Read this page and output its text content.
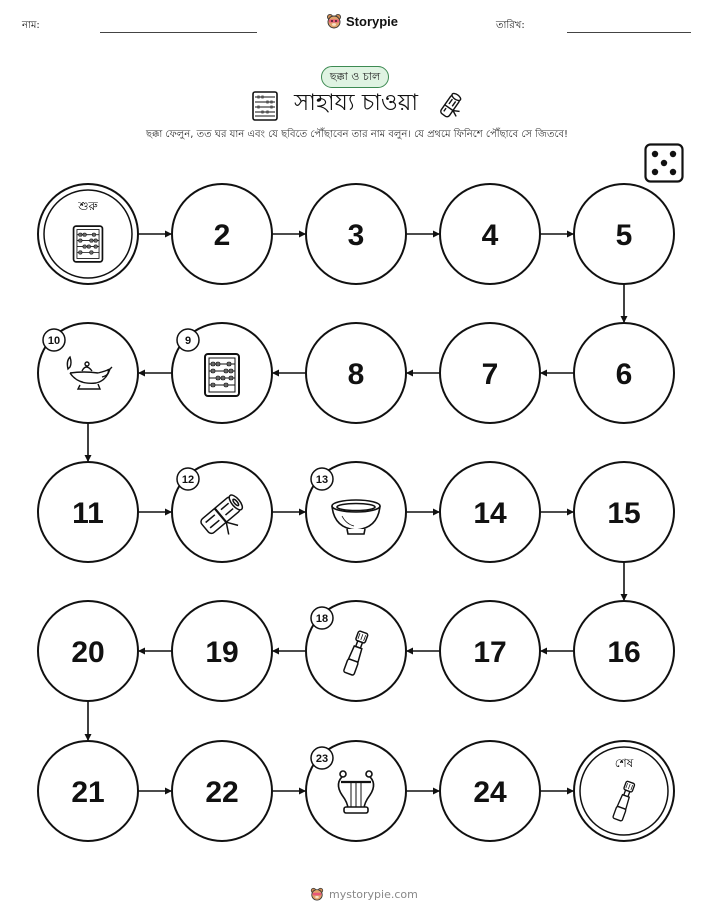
নাম:	Storypie	তারিখ:
ছক্কা ও চাল
সাহায্য চাওয়া
ছক্কা ফেলুন, তত ঘর যান এবং যে ছবিতে পৌঁছাবেন তার নাম বলুন। যে প্রথমে ফিনিশে পৌঁছাবে সে জিতবে!
শুরু
2	3	4	5
6
7
8
9
10
11
12	13
14	15
16
17
18
19
20
21	22
23
24
শেষ
mystorypie.com
